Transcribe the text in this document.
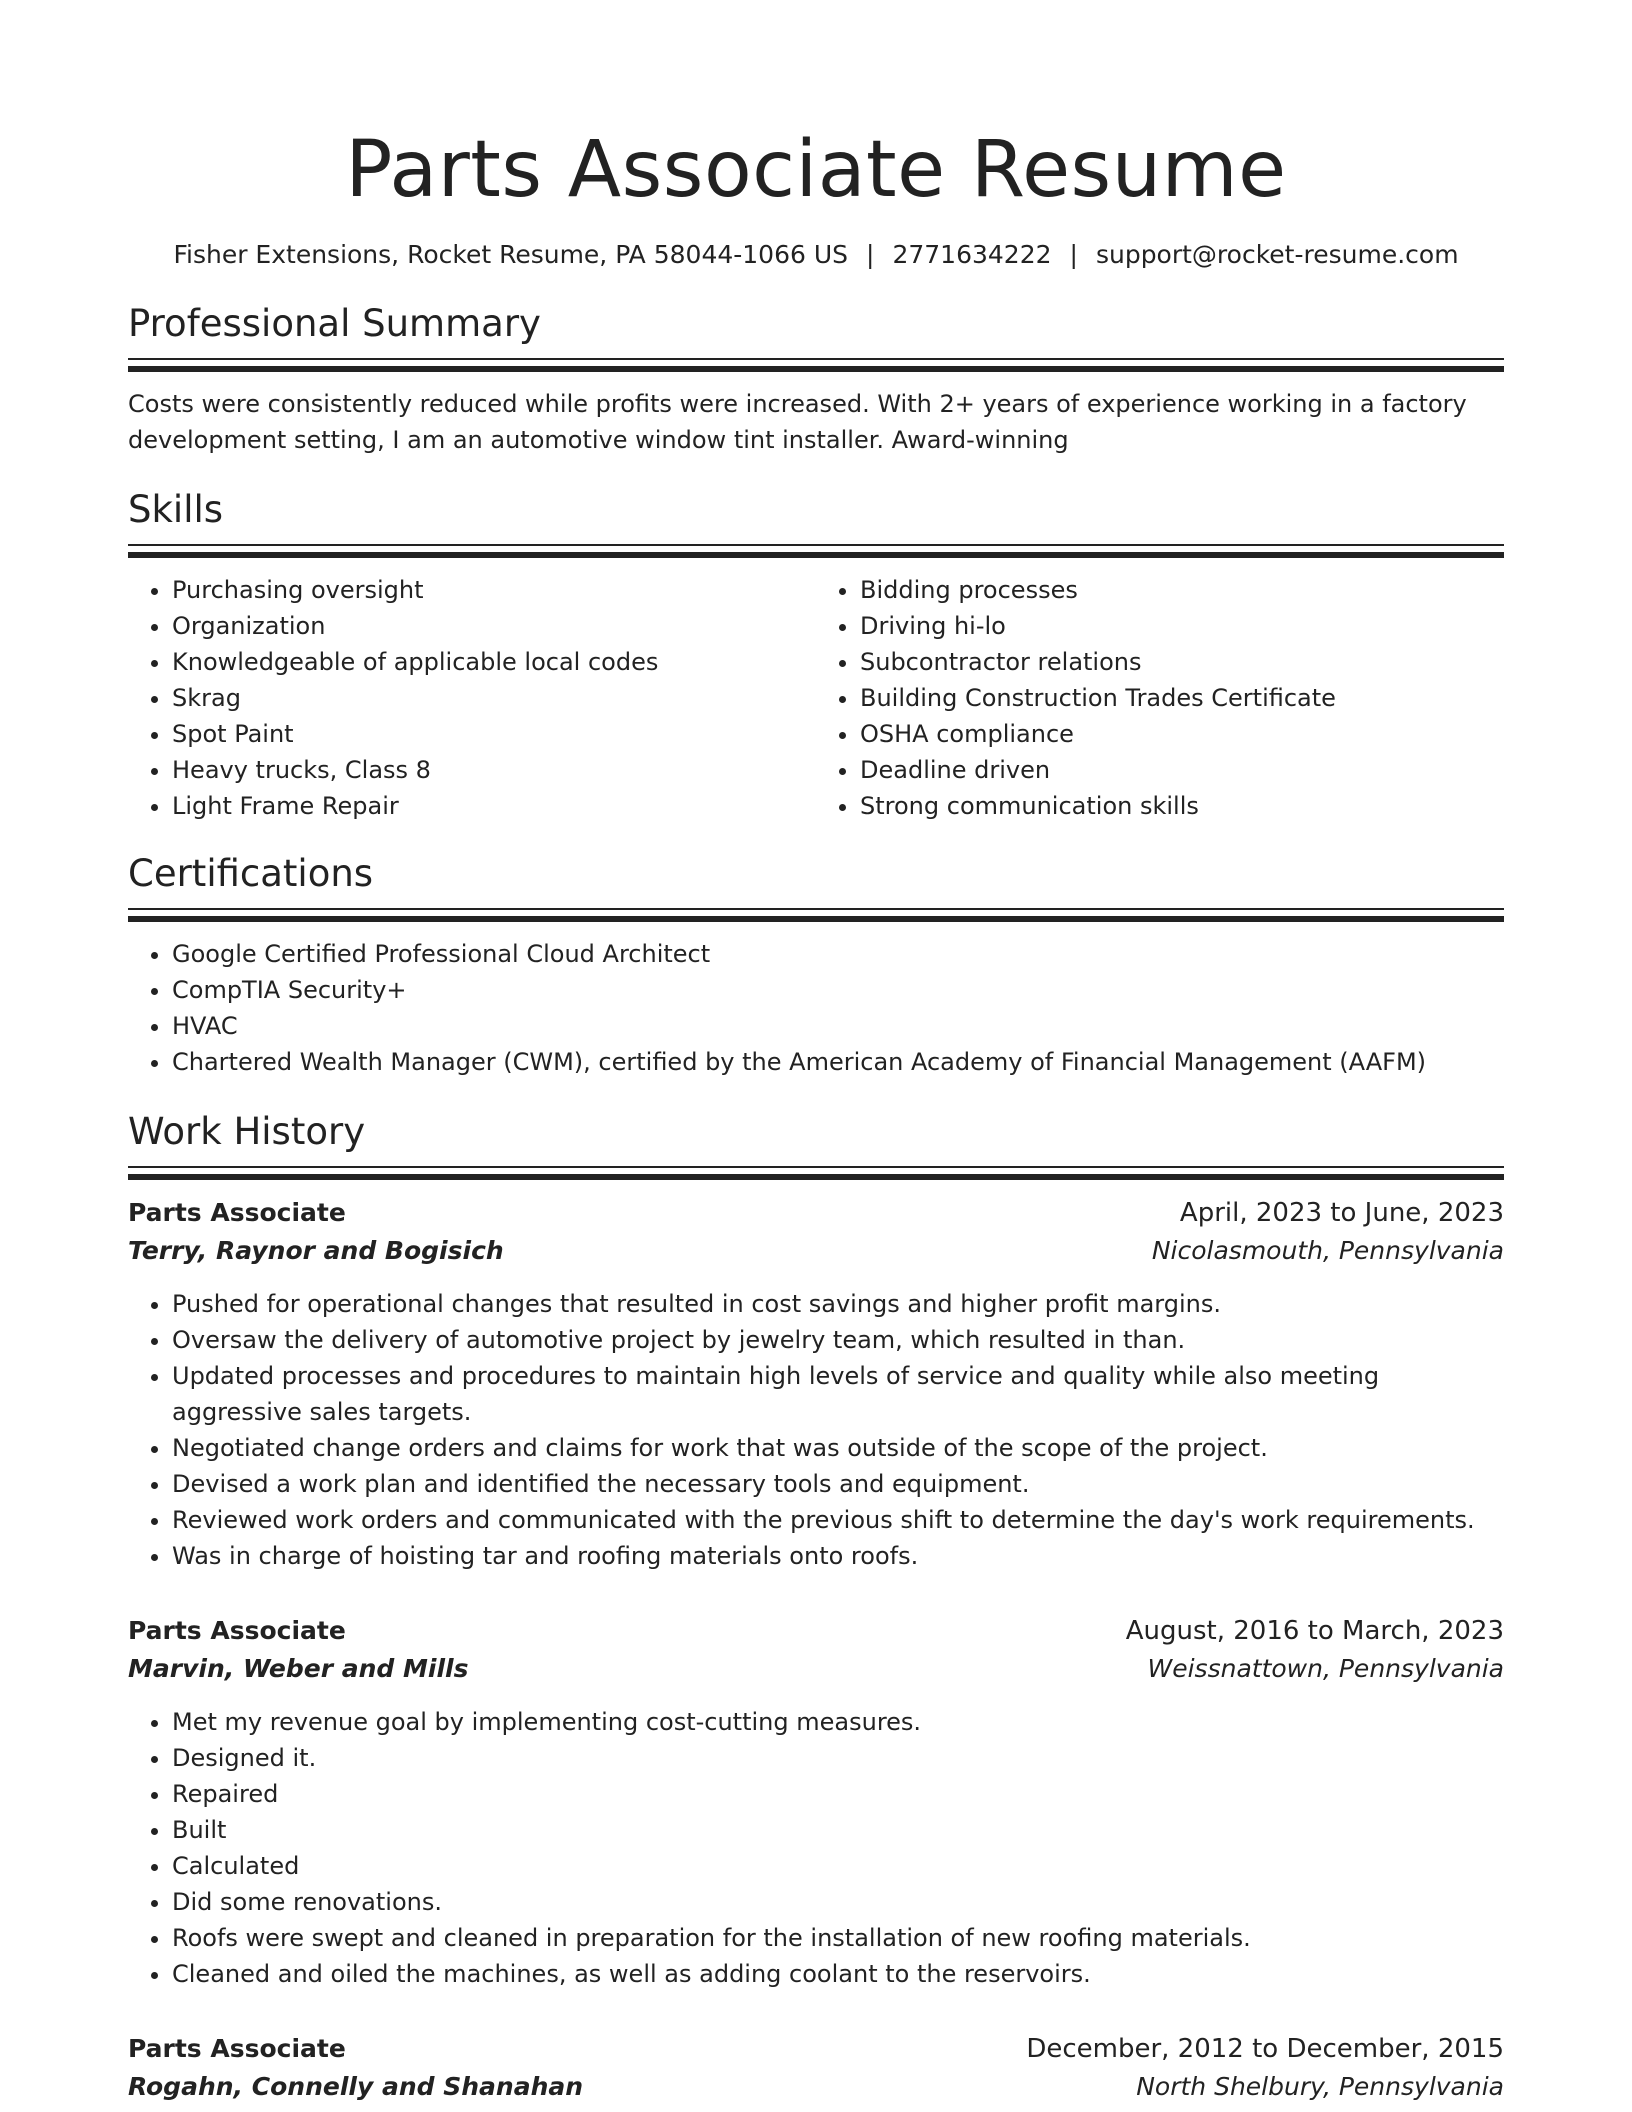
Parts Associate Resume
Fisher Extensions, Rocket Resume, PA 58044-1066 US | 2771634222 | support@rocket-resume.com
Professional Summary
Costs were consistently reduced while profits were increased. With 2+ years of experience working in a factory development setting, I am an automotive window tint installer. Award-winning
Skills
• Purchasing oversight
• Organization
• Knowledgeable of applicable local codes
• Skrag
• Spot Paint
• Heavy trucks, Class 8
• Light Frame Repair
• Bidding processes
• Driving hi-lo
• Subcontractor relations
• Building Construction Trades Certificate
• OSHA compliance
• Deadline driven
• Strong communication skills
Certifications
• Google Certified Professional Cloud Architect
• CompTIA Security+
• HVAC
• Chartered Wealth Manager (CWM), certified by the American Academy of Financial Management (AAFM)
Work History
Parts Associate	April, 2023 to June, 2023
Terry, Raynor and Bogisich	Nicolasmouth, Pennsylvania
• Pushed for operational changes that resulted in cost savings and higher profit margins.
• Oversaw the delivery of automotive project by jewelry team, which resulted in than.
• Updated processes and procedures to maintain high levels of service and quality while also meeting aggressive sales targets.
• Negotiated change orders and claims for work that was outside of the scope of the project.
• Devised a work plan and identified the necessary tools and equipment.
• Reviewed work orders and communicated with the previous shift to determine the day's work requirements.
• Was in charge of hoisting tar and roofing materials onto roofs.
Parts Associate	August, 2016 to March, 2023
Marvin, Weber and Mills	Weissnattown, Pennsylvania
• Met my revenue goal by implementing cost-cutting measures.
• Designed it.
• Repaired
• Built
• Calculated
• Did some renovations.
• Roofs were swept and cleaned in preparation for the installation of new roofing materials.
• Cleaned and oiled the machines, as well as adding coolant to the reservoirs.
Parts Associate	December, 2012 to December, 2015
Rogahn, Connelly and Shanahan	North Shelbury, Pennsylvania
